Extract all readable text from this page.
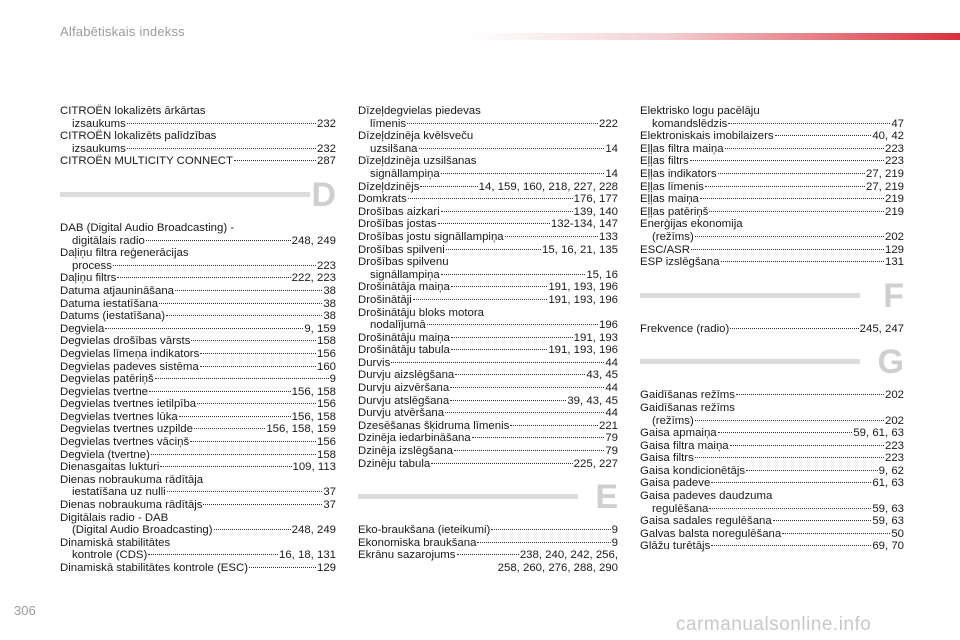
Alfabētiskais indekss
CITROËN lokalizēts ārkārtas
izsaukums	232
CITROËN lokalizēts palīdzības
izsaukums	232
CITROËN MULTICITY CONNECT	287
D
DAB (Digital Audio Broadcasting) -
digitālais radio	248, 249
Daļiņu filtra reģenerācijas
process	223
Daļiņu filtrs	222, 223
Datuma atjaunināšana	38
Datuma iestatīšana	38
Datums (iestatīšana)	38
Degviela	9, 159
Degvielas drošības vārsts	158
Degvielas līmeņa indikators	156
Degvielas padeves sistēma	160
Degvielas patēriņš	9
Degvielas tvertne	156, 158
Degvielas tvertnes ietilpība	156
Degvielas tvertnes lūka	156, 158
Degvielas tvertnes uzpilde	156, 158, 159
Degvielas tvertnes vāciņš	156
Degviela (tvertne)	158
Dienasgaitas lukturi	109, 113
Dienas nobraukuma rādītāja
iestatīšana uz nulli	37
Dienas nobraukuma rādītājs	37
Digitālais radio - DAB
(Digital Audio Broadcasting)	248, 249
Dinamiskā stabilitātes
kontrole (CDS)	16, 18, 131
Dinamiskā stabilitātes kontrole (ESC)	129
Dīzeļdegvielas piedevas
līmenis	222
Dīzeļdzinēja kvēlsveču
uzsilšana	14
Dīzeļdzinēja uzsilšanas
signāllampiņa	14
Dīzeļdzinējs	14, 159, 160, 218, 227, 228
Domkrats	176, 177
Drošības aizkari	139, 140
Drošības jostas	132-134, 147
Drošības jostu signāllampiņa	133
Drošības spilveni	15, 16, 21, 135
Drošības spilvenu
signāllampiņa	15, 16
Drošinātāja maiņa	191, 193, 196
Drošinātāji	191, 193, 196
Drošinātāju bloks motora
nodalījumā	196
Drošinātāju maiņa	191, 193
Drošinātāju tabula	191, 193, 196
Durvis	44
Durvju aizslēgšana	43, 45
Durvju aizvēršana	44
Durvju atslēgšana	39, 43, 45
Durvju atvēršana	44
Dzesēšanas šķidruma līmenis	221
Dzinēja iedarbināšana	79
Dzinēja izslēgšana	79
Dzinēju tabula	225, 227
E
Eko-braukšana (ieteikumi)	9
Ekonomiska braukšana	9
Ekrānu sazarojums	238, 240, 242, 256,
258, 260, 276, 288, 290
Elektrisko logu pacēlāju
komandslēdzis	47
Elektroniskais imobilaizers	40, 42
Eļļas filtra maiņa	223
Eļļas filtrs	223
Eļļas indikators	27, 219
Eļļas līmenis	27, 219
Eļļas maiņa	219
Eļļas patēriņš	219
Enerģijas ekonomija
(režīms)	202
ESC/ASR	129
ESP izslēgšana	131
F
Frekvence (radio)	245, 247
G
Gaidīšanas režīms	202
Gaidīšanas režīms
(režīms)	202
Gaisa apmaiņa	59, 61, 63
Gaisa filtra maiņa	223
Gaisa filtrs	223
Gaisa kondicionētājs	9, 62
Gaisa padeve	61, 63
Gaisa padeves daudzuma
regulēšana	59, 63
Gaisa sadales regulēšana	59, 63
Galvas balsta noregulēšana	50
Glāžu turētājs	69, 70
306
carmanualsonline.info
